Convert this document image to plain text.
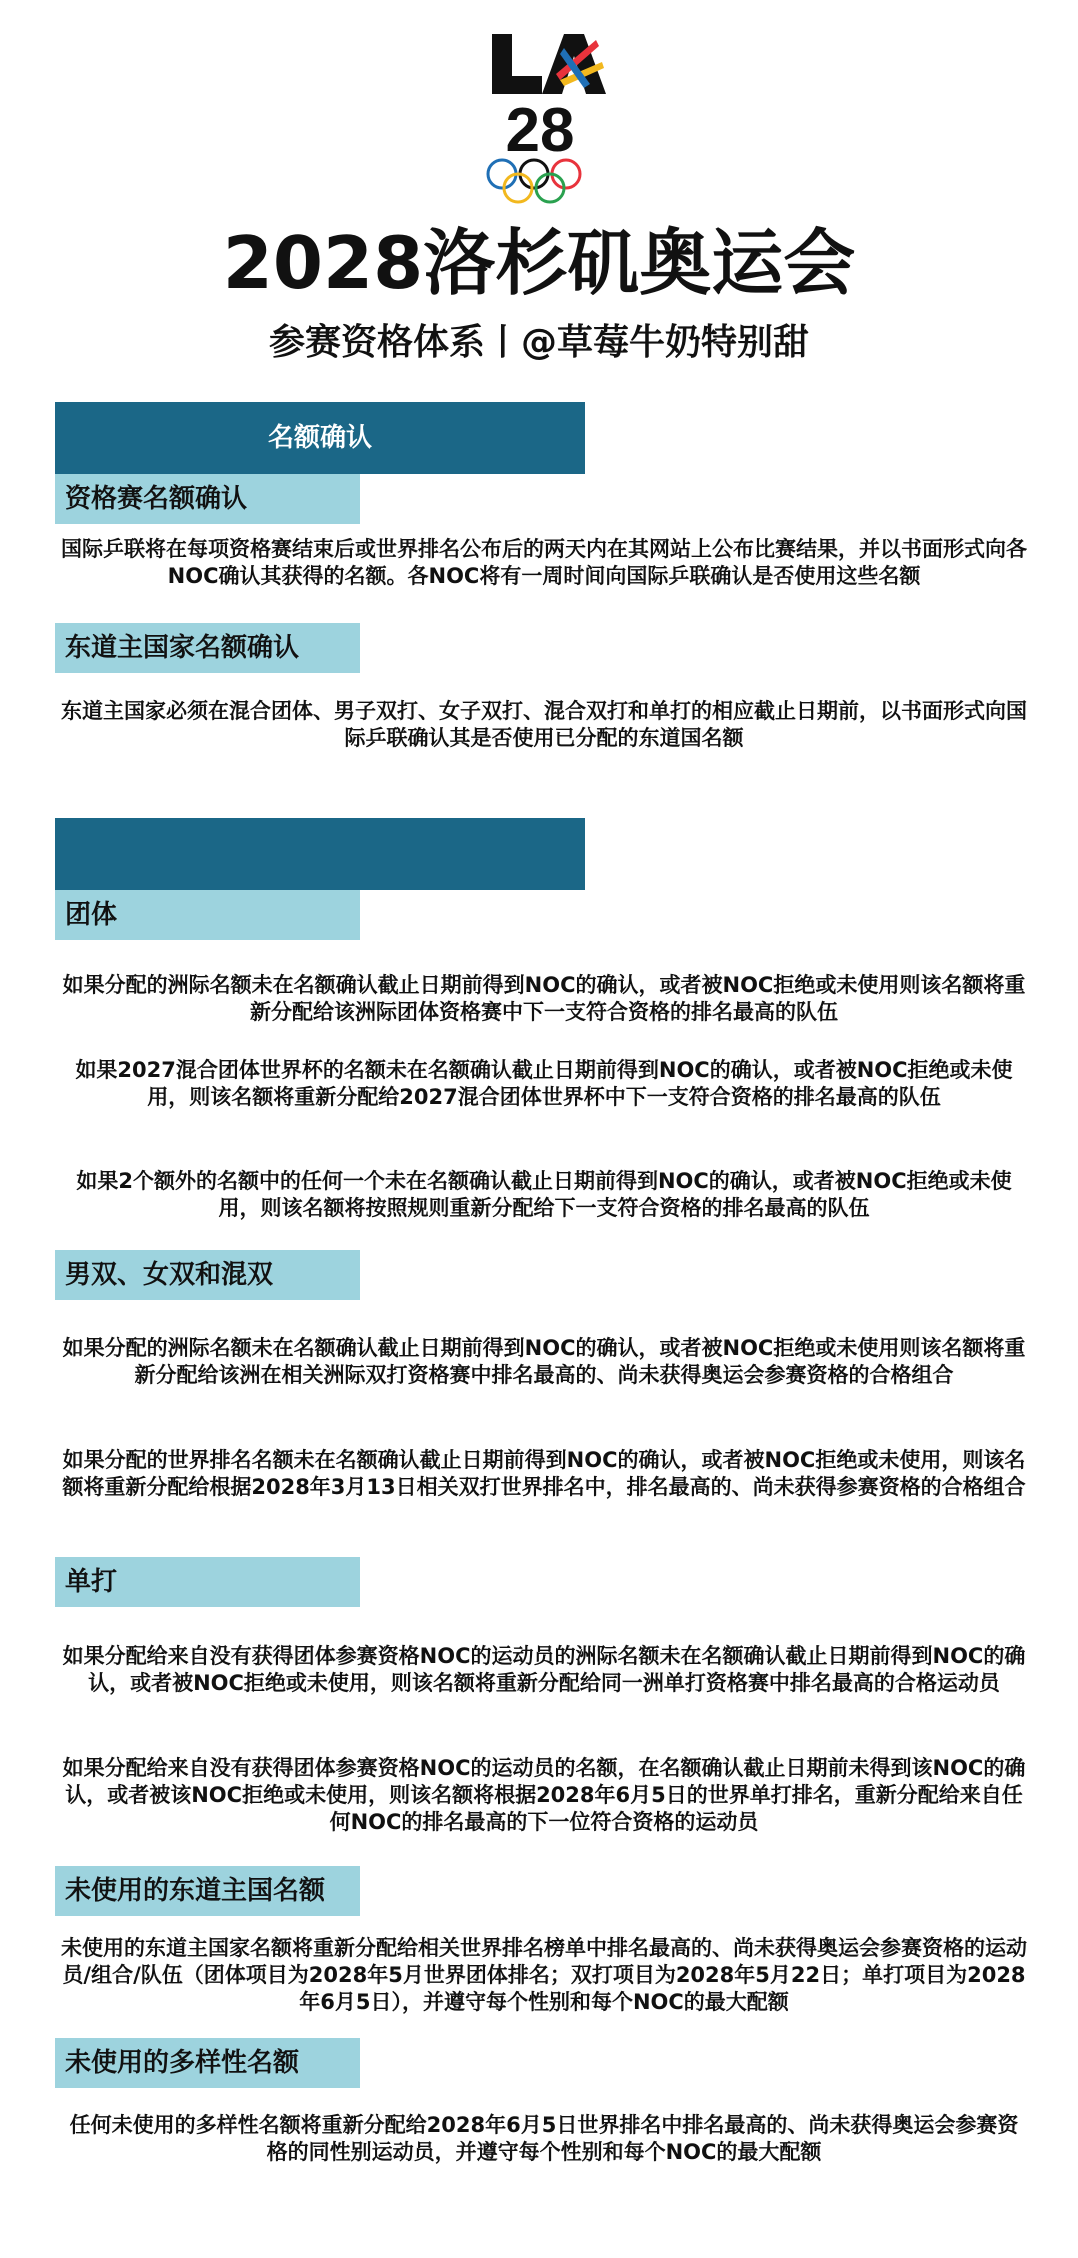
28
2028洛杉矶奥运会

参赛资格体系丨@草莓牛奶特别甜

名额确认
资格赛名额确认

国际乒联将在每项资格赛结束后或世界排名公布后的两天内在其网站上公布比赛结果，并以书面形式向各NOC确认其获得的名额。各NOC将有一周时间向国际乒联确认是否使用这些名额

东道主国家名额确认

东道主国家必须在混合团体、男子双打、女子双打、混合双打和单打的相应截止日期前，以书面形式向国际乒联确认其是否使用已分配的东道国名额

团体

如果分配的洲际名额未在名额确认截止日期前得到NOC的确认，或者被NOC拒绝或未使用则该名额将重新分配给该洲际团体资格赛中下一支符合资格的排名最高的队伍

如果2027混合团体世界杯的名额未在名额确认截止日期前得到NOC的确认，或者被NOC拒绝或未使用，则该名额将重新分配给2027混合团体世界杯中下一支符合资格的排名最高的队伍

如果2个额外的名额中的任何一个未在名额确认截止日期前得到NOC的确认，或者被NOC拒绝或未使用，则该名额将按照规则重新分配给下一支符合资格的排名最高的队伍

男双、女双和混双

如果分配的洲际名额未在名额确认截止日期前得到NOC的确认，或者被NOC拒绝或未使用则该名额将重新分配给该洲在相关洲际双打资格赛中排名最高的、尚未获得奥运会参赛资格的合格组合

如果分配的世界排名名额未在名额确认截止日期前得到NOC的确认，或者被NOC拒绝或未使用，则该名额将重新分配给根据2028年3月13日相关双打世界排名中，排名最高的、尚未获得参赛资格的合格组合

单打

如果分配给来自没有获得团体参赛资格NOC的运动员的洲际名额未在名额确认截止日期前得到NOC的确认，或者被NOC拒绝或未使用，则该名额将重新分配给同一洲单打资格赛中排名最高的合格运动员

如果分配给来自没有获得团体参赛资格NOC的运动员的名额，在名额确认截止日期前未得到该NOC的确认，或者被该NOC拒绝或未使用，则该名额将根据2028年6月5日的世界单打排名，重新分配给来自任何NOC的排名最高的下一位符合资格的运动员

未使用的东道主国名额

未使用的东道主国家名额将重新分配给相关世界排名榜单中排名最高的、尚未获得奥运会参赛资格的运动员/组合/队伍（团体项目为2028年5月世界团体排名；双打项目为2028年5月22日；单打项目为2028年6月5日），并遵守每个性别和每个NOC的最大配额

未使用的多样性名额

任何未使用的多样性名额将重新分配给2028年6月5日世界排名中排名最高的、尚未获得奥运会参赛资格的同性别运动员，并遵守每个性别和每个NOC的最大配额
